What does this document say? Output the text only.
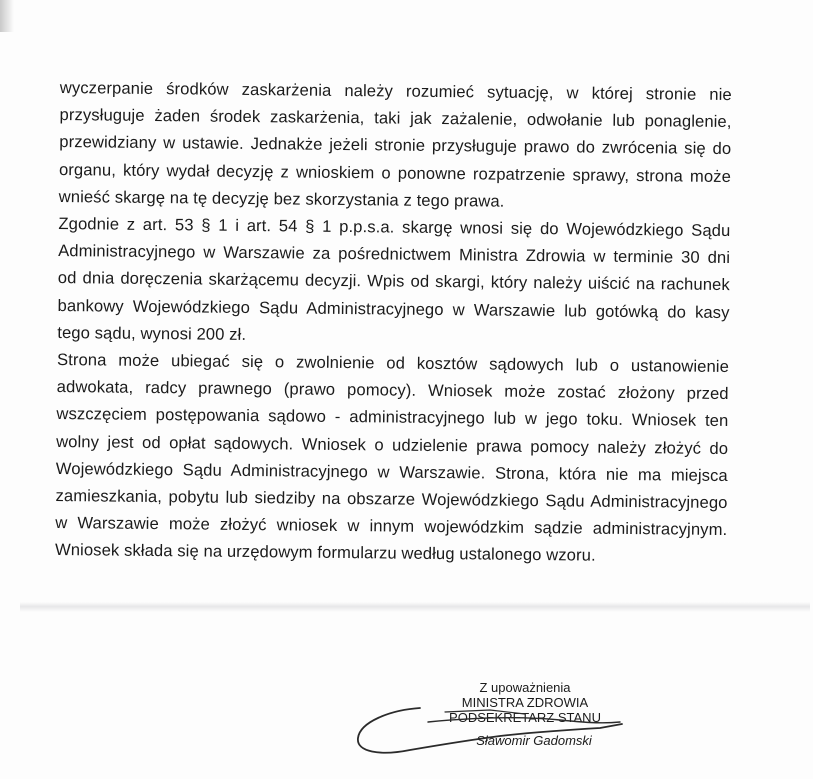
wyczerpanie środków zaskarżenia należy rozumieć sytuację, w której stronie nie
przysługuje żaden środek zaskarżenia, taki jak zażalenie, odwołanie lub ponaglenie,
przewidziany w ustawie. Jednakże jeżeli stronie przysługuje prawo do zwrócenia się do
organu, który wydał decyzję z wnioskiem o ponowne rozpatrzenie sprawy, strona może
wnieść skargę na tę decyzję bez skorzystania z tego prawa.
Zgodnie z art. 53 § 1 i art. 54 § 1 p.p.s.a. skargę wnosi się do Wojewódzkiego Sądu
Administracyjnego w Warszawie za pośrednictwem Ministra Zdrowia w terminie 30 dni
od dnia doręczenia skarżącemu decyzji. Wpis od skargi, który należy uiścić na rachunek
bankowy Wojewódzkiego Sądu Administracyjnego w Warszawie lub gotówką do kasy
tego sądu, wynosi 200 zł.
Strona może ubiegać się o zwolnienie od kosztów sądowych lub o ustanowienie
adwokata, radcy prawnego (prawo pomocy). Wniosek może zostać złożony przed
wszczęciem postępowania sądowo - administracyjnego lub w jego toku. Wniosek ten
wolny jest od opłat sądowych. Wniosek o udzielenie prawa pomocy należy złożyć do
Wojewódzkiego Sądu Administracyjnego w Warszawie. Strona, która nie ma miejsca
zamieszkania, pobytu lub siedziby na obszarze Wojewódzkiego Sądu Administracyjnego
w Warszawie może złożyć wniosek w innym wojewódzkim sądzie administracyjnym.
Wniosek składa się na urzędowym formularzu według ustalonego wzoru.
Z upoważnienia
MINISTRA ZDROWIA
PODSEKRETARZ STANU
Sławomir Gadomski
